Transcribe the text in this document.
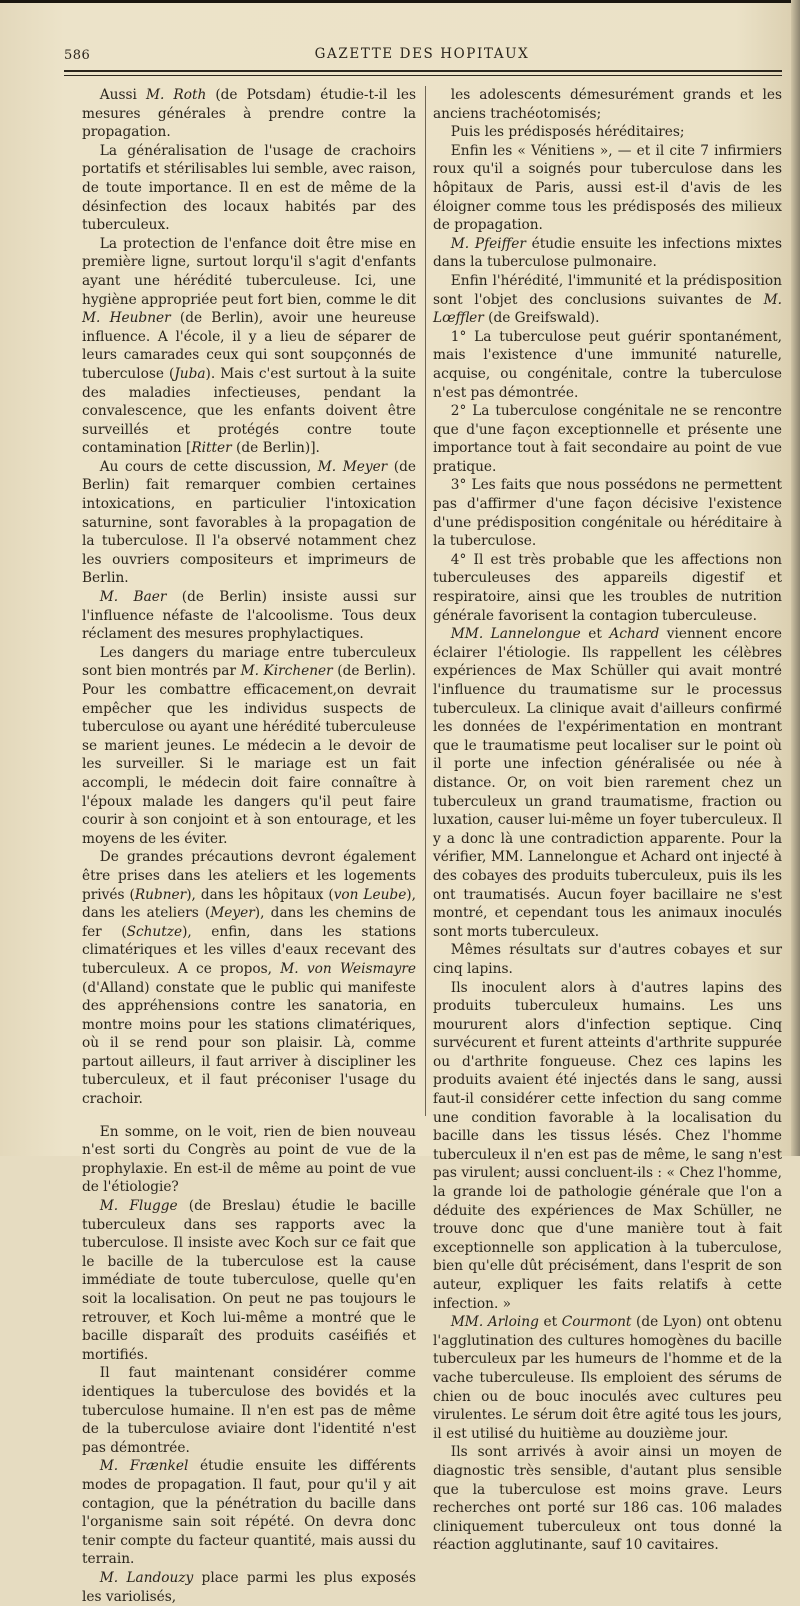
586	GAZETTE DES HOPITAUX

Aussi M. Roth (de Potsdam) étudie-t-il les mesures générales à prendre contre la propagation.

La généralisation de l'usage de crachoirs portatifs et stérilisables lui semble, avec raison, de toute importance. Il en est de même de la désinfection des locaux habités par des tuberculeux.

La protection de l'enfance doit être mise en première ligne, surtout lorqu'il s'agit d'enfants ayant une hérédité tuberculeuse. Ici, une hygiène appropriée peut fort bien, comme le dit M. Heubner (de Berlin), avoir une heureuse influence. A l'école, il y a lieu de séparer de leurs camarades ceux qui sont soupçonnés de tuberculose (Juba). Mais c'est surtout à la suite des maladies infectieuses, pendant la convalescence, que les enfants doivent être surveillés et protégés contre toute contamination [Ritter (de Berlin)].

Au cours de cette discussion, M. Meyer (de Berlin) fait remarquer combien certaines intoxications, en particulier l'intoxication saturnine, sont favorables à la propagation de la tuberculose. Il l'a observé notamment chez les ouvriers compositeurs et imprimeurs de Berlin.

M. Baer (de Berlin) insiste aussi sur l'influence néfaste de l'alcoolisme. Tous deux réclament des mesures prophylactiques.

Les dangers du mariage entre tuberculeux sont bien montrés par M. Kirchener (de Berlin). Pour les combattre efficacement,on devrait empêcher que les individus suspects de tuberculose ou ayant une hérédité tuberculeuse se marient jeunes. Le médecin a le devoir de les surveiller. Si le mariage est un fait accompli, le médecin doit faire connaître à l'époux malade les dangers qu'il peut faire courir à son conjoint et à son entourage, et les moyens de les éviter.

De grandes précautions devront également être prises dans les ateliers et les logements privés (Rubner), dans les hôpitaux (von Leube), dans les ateliers (Meyer), dans les chemins de fer (Schutze), enfin, dans les stations climatériques et les villes d'eaux recevant des tuberculeux. A ce propos, M. von Weismayre (d'Alland) constate que le public qui manifeste des appréhensions contre les sanatoria, en montre moins pour les stations climatériques, où il se rend pour son plaisir. Là, comme partout ailleurs, il faut arriver à discipliner les tuberculeux, et il faut préconiser l'usage du crachoir.

En somme, on le voit, rien de bien nouveau n'est sorti du Congrès au point de vue de la prophylaxie. En est-il de même au point de vue de l'étiologie?

M. Flugge (de Breslau) étudie le bacille tuberculeux dans ses rapports avec la tuberculose. Il insiste avec Koch sur ce fait que le bacille de la tuberculose est la cause immédiate de toute tuberculose, quelle qu'en soit la localisation. On peut ne pas toujours le retrouver, et Koch lui-même a montré que le bacille disparaît des produits caséifiés et mortifiés.

Il faut maintenant considérer comme identiques la tuberculose des bovidés et la tuberculose humaine. Il n'en est pas de même de la tuberculose aviaire dont l'identité n'est pas démontrée.

M. Frænkel étudie ensuite les différents modes de propagation. Il faut, pour qu'il y ait contagion, que la pénétration du bacille dans l'organisme sain soit répété. On devra donc tenir compte du facteur quantité, mais aussi du terrain.

M. Landouzy place parmi les plus exposés les variolisés,

les adolescents démesurément grands et les anciens trachéotomisés;

Puis les prédisposés héréditaires;

Enfin les « Vénitiens », — et il cite 7 infirmiers roux qu'il a soignés pour tuberculose dans les hôpitaux de Paris, aussi est-il d'avis de les éloigner comme tous les prédisposés des milieux de propagation.

M. Pfeiffer étudie ensuite les infections mixtes dans la tuberculose pulmonaire.

Enfin l'hérédité, l'immunité et la prédisposition sont l'objet des conclusions suivantes de M. Lœffler (de Greifswald).

1° La tuberculose peut guérir spontanément, mais l'existence d'une immunité naturelle, acquise, ou congénitale, contre la tuberculose n'est pas démontrée.

2° La tuberculose congénitale ne se rencontre que d'une façon exceptionnelle et présente une importance tout à fait secondaire au point de vue pratique.

3° Les faits que nous possédons ne permettent pas d'affirmer d'une façon décisive l'existence d'une prédisposition congénitale ou héréditaire à la tuberculose.

4° Il est très probable que les affections non tuberculeuses des appareils digestif et respiratoire, ainsi que les troubles de nutrition générale favorisent la contagion tuberculeuse.

MM. Lannelongue et Achard viennent encore éclairer l'étiologie. Ils rappellent les célèbres expériences de Max Schüller qui avait montré l'influence du traumatisme sur le processus tuberculeux. La clinique avait d'ailleurs confirmé les données de l'expérimentation en montrant que le traumatisme peut localiser sur le point où il porte une infection généralisée ou née à distance. Or, on voit bien rarement chez un tuberculeux un grand traumatisme, fraction ou luxation, causer lui-même un foyer tuberculeux. Il y a donc là une contradiction apparente. Pour la vérifier, MM. Lannelongue et Achard ont injecté à des cobayes des produits tuberculeux, puis ils les ont traumatisés. Aucun foyer bacillaire ne s'est montré, et cependant tous les animaux inoculés sont morts tuberculeux.

Mêmes résultats sur d'autres cobayes et sur cinq lapins.

Ils inoculent alors à d'autres lapins des produits tuberculeux humains. Les uns moururent alors d'infection septique. Cinq survécurent et furent atteints d'arthrite suppurée ou d'arthrite fongueuse. Chez ces lapins les produits avaient été injectés dans le sang, aussi faut-il considérer cette infection du sang comme une condition favorable à la localisation du bacille dans les tissus lésés. Chez l'homme tuberculeux il n'en est pas de même, le sang n'est pas virulent; aussi concluent-ils : « Chez l'homme, la grande loi de pathologie générale que l'on a déduite des expériences de Max Schüller, ne trouve donc que d'une manière tout à fait exceptionnelle son application à la tuberculose, bien qu'elle dût précisément, dans l'esprit de son auteur, expliquer les faits relatifs à cette infection. »

MM. Arloing et Courmont (de Lyon) ont obtenu l'agglutination des cultures homogènes du bacille tuberculeux par les humeurs de l'homme et de la vache tuberculeuse. Ils emploient des sérums de chien ou de bouc inoculés avec cultures peu virulentes. Le sérum doit être agité tous les jours, il est utilisé du huitième au douzième jour.

Ils sont arrivés à avoir ainsi un moyen de diagnostic très sensible, d'autant plus sensible que la tuberculose est moins grave. Leurs recherches ont porté sur 186 cas. 106 malades cliniquement tuberculeux ont tous donné la réaction agglutinante, sauf 10 cavitaires.
